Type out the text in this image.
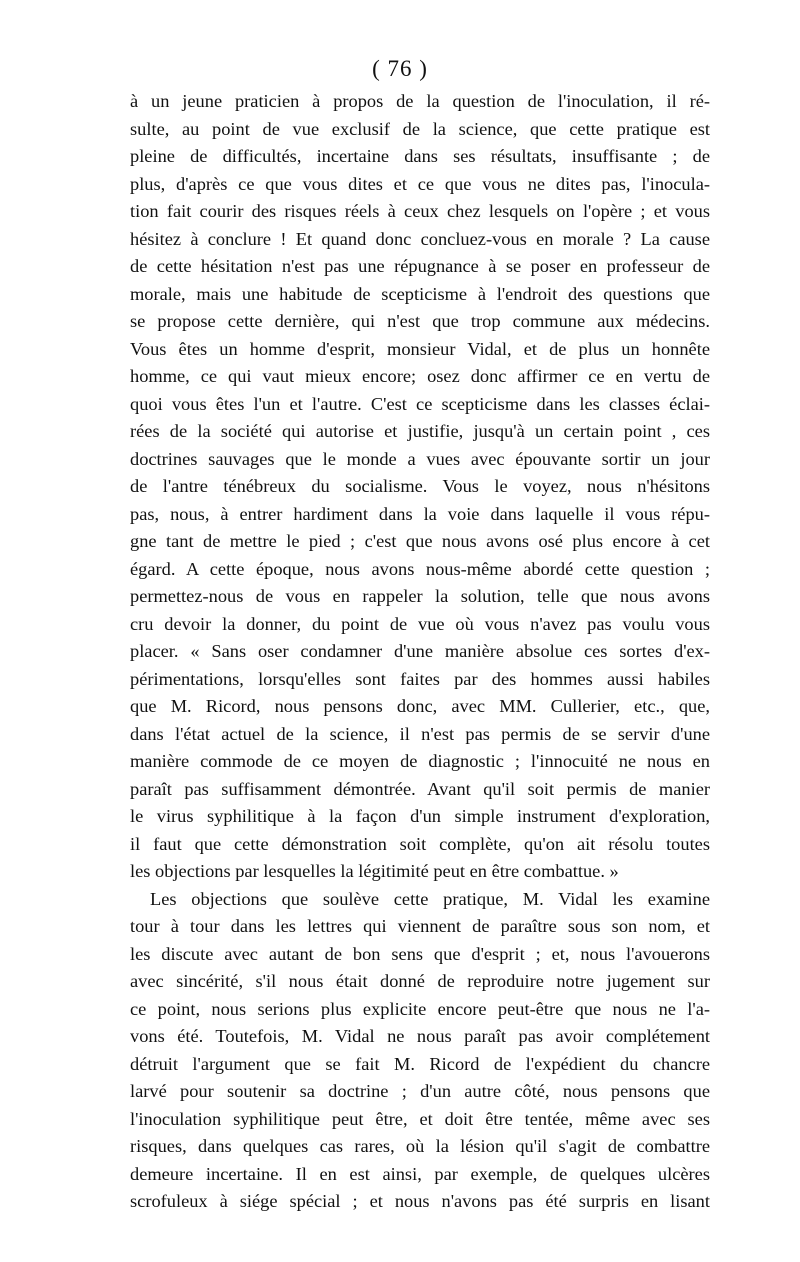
( 76 )
à un jeune praticien à propos de la question de l'inoculation, il ré-
sulte, au point de vue exclusif de la science, que cette pratique est
pleine de difficultés, incertaine dans ses résultats, insuffisante ; de
plus, d'après ce que vous dites et ce que vous ne dites pas, l'inocula-
tion fait courir des risques réels à ceux chez lesquels on l'opère ; et vous
hésitez à conclure ! Et quand donc concluez-vous en morale ? La cause
de cette hésitation n'est pas une répugnance à se poser en professeur de
morale, mais une habitude de scepticisme à l'endroit des questions que
se propose cette dernière, qui n'est que trop commune aux médecins.
Vous êtes un homme d'esprit, monsieur Vidal, et de plus un honnête
homme, ce qui vaut mieux encore; osez donc affirmer ce en vertu de
quoi vous êtes l'un et l'autre. C'est ce scepticisme dans les classes éclai-
rées de la société qui autorise et justifie, jusqu'à un certain point , ces
doctrines sauvages que le monde a vues avec épouvante sortir un jour
de l'antre ténébreux du socialisme. Vous le voyez, nous n'hésitons
pas, nous, à entrer hardiment dans la voie dans laquelle il vous répu-
gne tant de mettre le pied ; c'est que nous avons osé plus encore à cet
égard. A cette époque, nous avons nous-même abordé cette question ;
permettez-nous de vous en rappeler la solution, telle que nous avons
cru devoir la donner, du point de vue où vous n'avez pas voulu vous
placer. « Sans oser condamner d'une manière absolue ces sortes d'ex-
périmentations, lorsqu'elles sont faites par des hommes aussi habiles
que M. Ricord, nous pensons donc, avec MM. Cullerier, etc., que,
dans l'état actuel de la science, il n'est pas permis de se servir d'une
manière commode de ce moyen de diagnostic ; l'innocuité ne nous en
paraît pas suffisamment démontrée. Avant qu'il soit permis de manier
le virus syphilitique à la façon d'un simple instrument d'exploration,
il faut que cette démonstration soit complète, qu'on ait résolu toutes
les objections par lesquelles la légitimité peut en être combattue. »
Les objections que soulève cette pratique, M. Vidal les examine
tour à tour dans les lettres qui viennent de paraître sous son nom, et
les discute avec autant de bon sens que d'esprit ; et, nous l'avouerons
avec sincérité, s'il nous était donné de reproduire notre jugement sur
ce point, nous serions plus explicite encore peut-être que nous ne l'a-
vons été. Toutefois, M. Vidal ne nous paraît pas avoir complétement
détruit l'argument que se fait M. Ricord de l'expédient du chancre
larvé pour soutenir sa doctrine ; d'un autre côté, nous pensons que
l'inoculation syphilitique peut être, et doit être tentée, même avec ses
risques, dans quelques cas rares, où la lésion qu'il s'agit de combattre
demeure incertaine. Il en est ainsi, par exemple, de quelques ulcères
scrofuleux à siége spécial ; et nous n'avons pas été surpris en lisant
